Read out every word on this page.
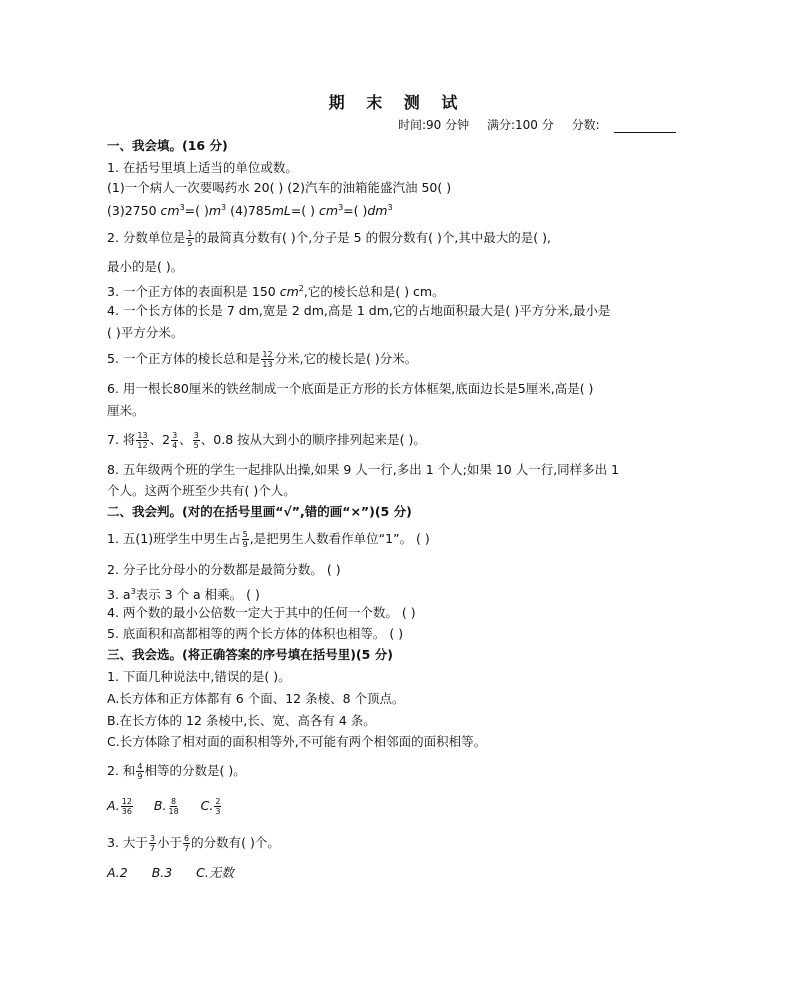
期 末 测 试
时间:90 分钟 满分:100 分 分数:
一、我会填。(16 分)
1. 在括号里填上适当的单位或数。
(1)一个病人一次要喝药水 20( ) (2)汽车的油箱能盛汽油 50( )
(3)2750 $cm^3=$( )$m^3$ (4)785mL=( ) $cm^3=$( )$dm^3$
2. 分数单位是 $\frac{1}{5}$ 的最简真分数有( )个,分子是 5 的假分数有( )个,其中最大的是( ),
最小的是( )。
3. 一个正方体的表面积是 150 $cm^2$,它的棱长总和是( ) cm。
4. 一个长方体的长是 7 dm,宽是 2 dm,高是 1 dm,它的占地面积最大是( )平方分米,最小是
( )平方分米。
5. 一个正方体的棱长总和是 $\frac{12}{13}$ 分米,它的棱长是( )分米。
6. 用一根长80厘米的铁丝制成一个底面是正方形的长方体框架,底面边长是5厘米,高是( )
厘米。
7. 将 $\frac{13}{12}$ 、$2 \frac{3}{4}$ 、 $\frac{3}{5}$ 、0.8 按从大到小的顺序排列起来是( )。
8. 五年级两个班的学生一起排队出操,如果 9 人一行,多出 1 个人;如果 10 人一行,同样多出 1
个人。这两个班至少共有( )个人。
二、我会判。(对的在括号里画“√”,错的画“×”)(5 分)
1. 五(1)班学生中男生占 $\frac{5}{9}$ ,是把男生人数看作单位“1”。 ( )
2. 分子比分母小的分数都是最简分数。 ( )
3. $a^3$表示 3 个 a 相乘。 ( )
4. 两个数的最小公倍数一定大于其中的任何一个数。 ( )
5. 底面积和高都相等的两个长方体的体积也相等。 ( )
三、我会选。(将正确答案的序号填在括号里)(5 分)
1. 下面几种说法中,错误的是( )。
A.长方体和正方体都有 6 个面、12 条棱、8 个顶点。
B.在长方体的 12 条棱中,长、宽、高各有 4 条。
C.长方体除了相对面的面积相等外,不可能有两个相邻面的面积相等。
2. 和 $\frac{4}{9}$ 相等的分数是( )。
A. $\frac{12}{36} B$. $\frac{8}{18} C$. $\frac{2}{3}$
3. 大于 $\frac{3}{7}$ 小于 $\frac{6}{7}$ 的分数有( )个。
A.2 B.3 C.无数
